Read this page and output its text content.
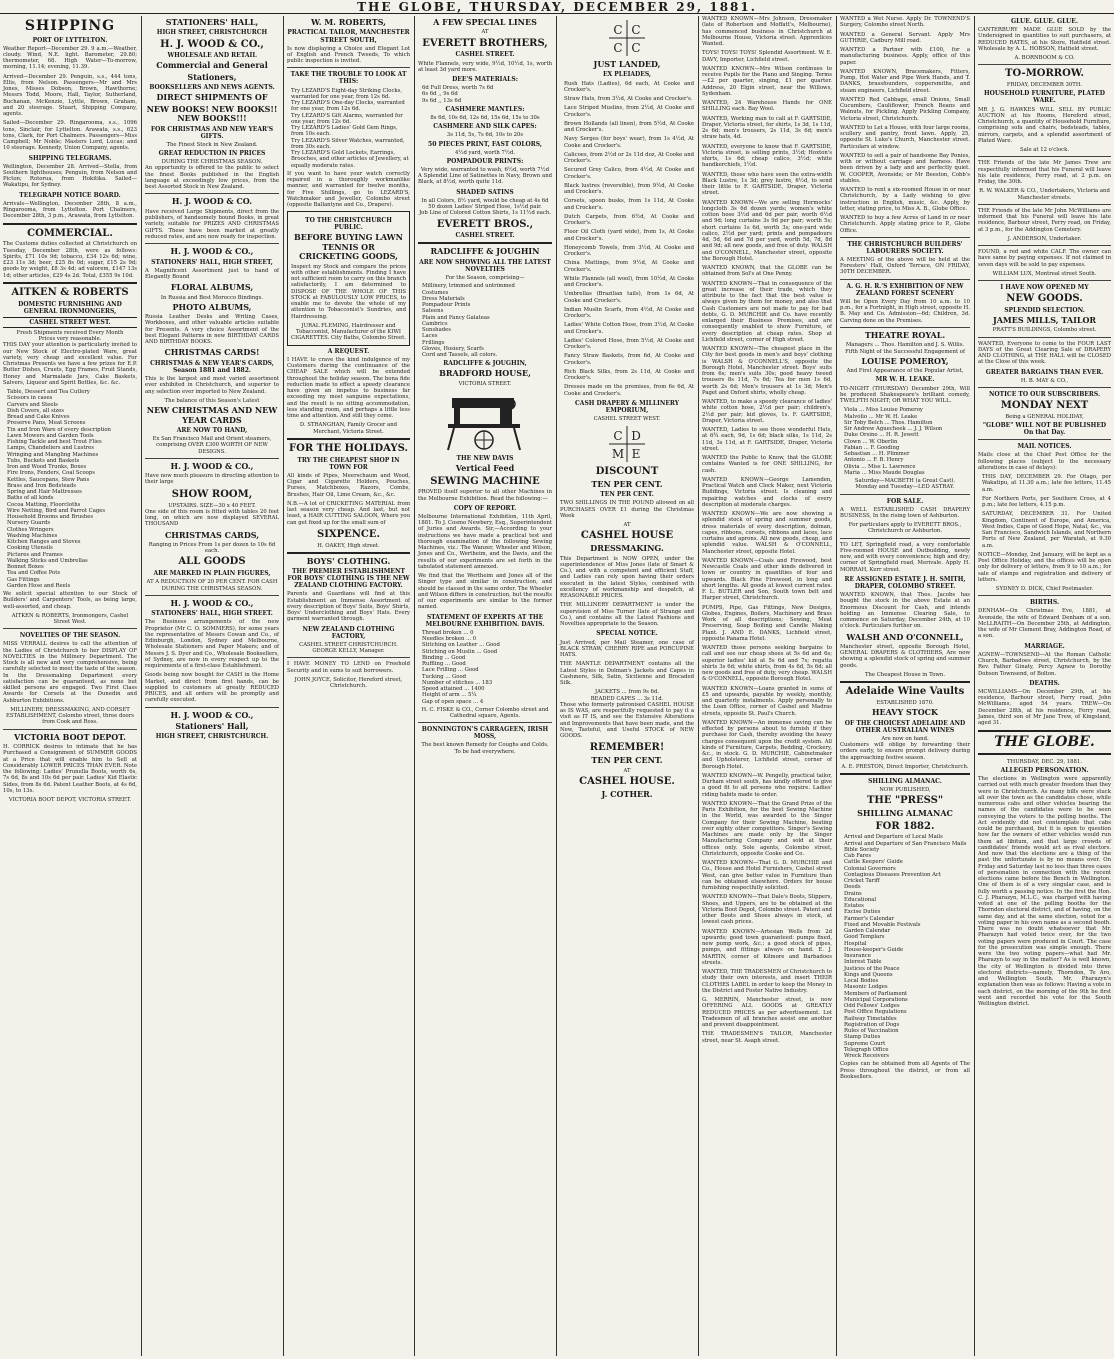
THE GLOBE, THURSDAY, DECEMBER 29, 1881.
SHIPPING
PORT OF LYTTELTON.
Weather Report—December 29. 9 a.m.—Weather, cloudy. Wind, N.E. light. Barometer, 29.80; thermometer, 68. High Water—To-morrow, morning, 11.14; evening, 11.39.
Arrived—December 29. Penguin, s.s., 444 tons, Ellis, from Nelson. Passengers—Mr and Mrs Jones, Misses Dobson, Brown, Hawthorne; Messrs Todd, Moore, Hall, Taylor, Sutherland, Buchanan, McKenzie, Lyttle, Brown, Graham, and 20 steerage. Stuart, Shipping Company, agents.
Sailed—December 29. Ringarooma, s.s., 1096 tons, Sinclair, for Lyttelton. Arawata, s.s., 623 tons, Clark, for Port Chalmers. Passengers—Miss Campbell; Mr Noble; Masters Lord, Lucas; and 10 steerage. Kennedy, Union Company, agents.
SHIPPING TELEGRAMS.
Wellington, December 28. Arrived—Stella, from Southern lighthouses; Penguin, from Nelson and Picton; Rotorua, from Hokitika. Sailed—Wakatipu, for Sydney.
TELEGRAPH NOTICE BOARD.
Arrivals—Wellington, December 28th, 8 a.m., Ringarooma, from Lyttelton. Port Chalmers, December 28th, 3 p.m., Arawata, from Lyttelton.
COMMERCIAL.
The Customs duties collected at Christchurch on Tuesday, December 28th, were as follows: Spirits, £71 10s 9d; tobacco, £34 12s 6d; wine, £23 11s 3d; beer, £25 8s 0d; sugar, £15 2s 9d; goods by weight, £8 3s 4d; ad valorem, £147 13s 1d; other articles, £29 4s 2d. Total, £355 9s 10d.
AITKEN & ROBERTS
DOMESTIC FURNISHING AND GENERAL IRONMONGERS,
CASHEL STREET WEST.
Fresh Shipments received Every Month
Prices very reasonable.
THIS DAY your attention is particularly invited to our New Stock of Electro-plated Ware, great variety, very cheap and excellent value. For Christmas Presents we have a few prizes for E.P. Butter Dishes, Cruets, Egg Frames, Fruit Stands, Honey and Marmalade Jars, Cake Baskets, Salvers, Liqueur and Spirit Bottles, &c. &c.
Table, Dessert and Tea Cutlery
Scissors in cases
Carvers and Steels
Dish Covers, all sizes
Bread and Cake Knives
Preserve Pans, Meat Screens
Tin and Iron Ware of every description
Lawn Mowers and Garden Tools
Fishing Tackle and best Trout Flies
Lamps, Chandeliers and Lustres
Wringing and Mangling Machines
Tubs, Buckets and Baskets
Iron and Wood Trunks, Boxes
Fire Irons, Fenders, Coal Scoops
Kettles, Saucepans, Stew Pans
Brass and Iron Bedsteads
Spring and Hair Mattresses
Baths of all kinds
Cocoa Matting, Floorcloths
Wire Netting, Bird and Parrot Cages
Household Brooms and Brushes
Nursery Guards
Clothes Wringers
Washing Machines
Kitchen Ranges and Stoves
Cooking Utensils
Pictures and Frames
Walking Sticks and Umbrellas
Bonnet Boxes
Tea and Coffee Pots
Gas Fittings
Garden Hose and Reels
We solicit special attention to our Stock of Builders' and Carpenters' Tools, as being large, well-assorted, and cheap.
AITKEN & ROBERTS, Ironmongers, Cashel Street West.
NOVELTIES OF THE SEASON.
MISS VERRALL desires to call the attention of the Ladies of Christchurch to her DISPLAY OF NOVELTIES in the Millinery Department. The Stock is all new and very comprehensive, being carefully selected to meet the taste of the season. In the Dressmaking Department every satisfaction can be guaranteed, as none but skilled persons are engaged. Two First Class Awards for Corsets at the Dunedin and Ashburton Exhibitions.
MILLINERY, DRESSMAKING, AND CORSET ESTABLISHMENT, Colombo street, three doors from Cook and Ross.
VICTORIA BOOT DEPOT.
H. CORRICK desires to intimate that he has Purchased a Consignment of SUMMER GOODS at a Price that will enable him to Sell at Considerably LOWER PRICES THAN EVER. Note the following: Ladies' Prunella Boots, worth 6s, 7s 6d, 8s and 10s 6d per pair. Ladies' Kid Elastic Sides, from 8s 6d. Patent Leather Boots, at 4s 6d, 10s, to 13s.
VICTORIA BOOT DEPOT, VICTORIA STREET.
STATIONERS' HALL,
HIGH STREET, CHRISTCHURCH
H. J. WOOD & CO.,
WHOLESALE AND RETAIL
Commercial and General
Stationers,
BOOKSELLERS AND NEWS AGENTS.
DIRECT SHIPMENTS OF
NEW BOOKS! NEW BOOKS!! NEW BOOKS!!!
FOR CHRISTMAS AND NEW YEAR'S GIFTS.
The Finest Stock in New Zealand.
GREAT REDUCTION IN PRICES
DURING THE CHRISTMAS SEASON.
An opportunity is offered to the public to select the finest Books published in the English language at exceedingly low prices, from the best Assorted Stock in New Zealand.
H. J. WOOD & CO.
Have received Large Shipments, direct from the publishers, of handsomely bound Books, in great variety, suitable for PRIZES AND CHRISTMAS GIFTS. These have been marked at greatly reduced rates, and are now ready for inspection.
H. J. WOOD & CO.,
STATIONERS' HALL, HIGH STREET,
A Magnificent Assortment just to hand of Elegantly Bound
FLORAL ALBUMS,
In Russia and Best Morocco Bindings.
PHOTO ALBUMS,
Russia Leather Desks and Writing Cases, Workboxes, and other valuable articles suitable for Presents. A very choice Assortment of the best Elegant Patterns in new BIRTHDAY CARDS AND BIRTHDAY BOOKS.
CHRISTMAS CARDS!
CHRISTMAS & NEW YEAR'S CARDS, Season 1881 and 1882.
This is the largest and most varied assortment ever exhibited in Christchurch, and superior to any selection ever imported to New Zealand.
The balance of this Season's Latest
NEW CHRISTMAS AND NEW YEAR CARDS
ARE NOW TO HAND,
Ex San Francisco Mail and Orient steamers, comprising OVER £300 WORTH OF NEW DESIGNS.
H. J. WOOD & CO.,
Have now much pleasure in directing attention to their large
SHOW ROOM,
UPSTAIRS. SIZE—30 x 40 FEET.
One side of this room is fitted with tables 20 feet long, on which are now displayed SEVERAL THOUSAND
CHRISTMAS CARDS,
Ranging in Prices From 1s per dozen to 10s 6d each.
ALL GOODS
ARE MARKED IN PLAIN FIGURES,
AT A REDUCTION OF 20 PER CENT. FOR CASH DURING THE CHRISTMAS SEASON.
H. J. WOOD & CO.,
STATIONERS' HALL, HIGH STREET.
The Business arrangements of the new Proprietor (Mr C. O. SOMMERS), for some years the representative of Messrs Cowan and Co., of Edinburgh, London, Sydney and Melbourne, Wholesale Stationers and Paper Makers; and of Messrs J. S. Dyer and Co., Wholesale Booksellers, of Sydney, are now in every respect up to the requirements of a first-class Establishment.
Goods being now bought for CASH in the Home Market, and direct from first hands, can be supplied to customers at greatly REDUCED PRICES, and all orders will be promptly and carefully executed.
H. J. WOOD & CO.,
Stationers' Hall,
HIGH STREET, CHRISTCHURCH.
W. M. ROBERTS,
PRACTICAL TAILOR, MANCHESTER STREET SOUTH,
Is now displaying a Choice and Elegant Lot of English and French Tweeds, To which public inspection is invited.
TAKE THE TROUBLE TO LOOK AT THIS:
Try LEZARD'S Eight-day Striking Clocks, warranted for one year, from 12s 6d.
Try LEZARD'S One-day Clocks, warranted for one year, from 12s 6d.
Try LEZARD'S Gilt Alarms, warranted for one year, from 12s 6d.
Try LEZARD'S Ladies' Gold Gem Rings, from 10s each.
Try LEZARD'S Silver Watches, warranted, from 30s each.
Try LEZARD'S Gold Lockets, Earrings, Brooches, and other articles of Jewellery, at equally moderate rates.
If you want to have your watch correctly repaired in a thoroughly workmanlike manner, and warranted for twelve months, for Five Shillings, go to LEZARD'S, Watchmaker and Jeweller, Colombo street (opposite Ballantyne and Co., Drapers).
TO THE CHRISTCHURCH PUBLIC.
BEFORE BUYING LAWN TENNIS OR CRICKETING GOODS,
Inspect my Stock and compare the prices with other establishments. Finding I have not sufficient room to carry on this branch satisfactorily, I am determined to DISPOSE OF THE WHOLE OF THIS STOCK at FABULOUSLY LOW PRICES, to enable me to devote the whole of my attention to Tobacconist's Sundries, and Hairdressing.
JURAL FLEMING, Hairdresser and Tobacconist, Manufacturer of the KIWI CIGARETTES. City Baths, Colombo Street.
A REQUEST.
I HAVE to crave the kind indulgence of my Customers during the continuance of the CHEAP SALE which will be extended throughout the holiday season. The bona fide reduction made to effect a speedy clearance have given an impetus to business far exceeding my most sanguine expectations, and the result is no sitting accommodation, less standing room, and perhaps a little less time and attention. And still they come.
D. STRANGHAN, Family Grocer and Merchant, Victoria Street.
FOR THE HOLIDAYS.
TRY THE CHEAPEST SHOP IN TOWN FOR
All kinds of Pipes, Meerschaum and Wood, Cigar and Cigarette Holders, Pouches, Purses, Matchboxes, Razors, Combs, Brushes, Hair Oil, Lime Cream, &c., &c.
N.B.—A lot of CRICKETING MATERIAL from last season very cheap. And last, but not least, a HAIR CUTTING SALOON, Where you can get fixed up for the small sum of
SIXPENCE.
H. OAKEY, High street.
BOYS' CLOTHING.
THE PREMIER ESTABLISHMENT FOR BOYS' CLOTHING IS THE NEW ZEALAND CLOTHING FACTORY.
Parents and Guardians will find at this Establishment an Immense Assortment of every description of Boys' Suits, Boys' Shirts, Boys' Underclothing and Boys' Hats. Every garment warranted through.
NEW ZEALAND CLOTHING FACTORY,
CASHEL STREET CHRISTCHURCH.
GEORGE KELLY, Manager.
I HAVE MONEY TO LEND on Freehold Security and in sums to suit borrowers.
JOHN JOYCE, Solicitor, Hereford street, Christchurch.
A FEW SPECIAL LINES
AT
EVERETT BROTHERS,
CASHEL STREET.
White Flannels, very wide, 9½d, 10½d, 1s, worth at least 3d yard more.
DEE'S MATERIALS:
6d Full Dress, worth 7s 6d
6s 6d ,, 9s 6d
9s 6d ,, 13s 6d
CASHMERE MANTLES:
8s 6d, 10s 6d, 12s 6d, 15s 6d, 15s to 30s
CASHMERE AND SILK CAPES:
3s 11d, 5s, 7s 6d, 10s to 20s
50 PIECES PRINT, FAST COLORS,
4½d yard, worth 7½d.
POMPADOUR PRINTS:
Very wide, warranted to wash, 6½d, worth 7½d
A Splendid Line of Satinettes in Navy, Brown and Black, at 8½d, worth quite 11d.
SHADED SATINS
In all Colors, 8½ yard, would be cheap at 4s 6d
50 dozen Ladies' Striped Hose, 1s½d pair.
Job Line of Colored Cotton Shirts, 1s 11½d each.
EVERETT BROS.,
CASHEL STREET.
RADCLIFFE & JOUGHIN
ARE NOW SHOWING ALL THE LATEST NOVELTIES
For the Season, comprising—
Millinery, trimmed and untrimmed
Costumes
Dress Materials
Pompadour Prints
Sateens
Plain and Fancy Galateas
Cambrics
Sunshades
Laces
Frillings
Gloves, Hosiery, Scarfs
Cord and Tassels, all colors.
RADCLIFFE & JOUGHIN,
BRADFORD HOUSE,
VICTORIA STREET.
THE NEW DAVIS
Vertical Feed
SEWING MACHINE
PROVED itself superior to all other Machines in the Melbourne Exhibition. Read the following:—
COPY OF REPORT.
Melbourne International Exhibition, 11th April, 1881. To J. Cosmo Newbery, Esq., Superintendent of Juries and Awards. Sir,—According to your instructions we have made a practical test and thorough examination of the following Sewing Machines, viz.: The Wanzer, Wheeler and Wilson, Jones and Co., Wertheim, and the Davis, and the results of our experiments are set forth in the tabulated statement annexed.
We find that the Wertheim and Jones all of the Singer type and similar in construction, and should be classed in the same order. The Wheeler and Wilson differs in construction, but the results of our experiments are similar to the former named.
STATEMENT OF EXPERTS AT THE MELBOURNE EXHIBITION. DAVIS.
Thread broken ... 0
Needles broken ... 0
Stitching on Leather ... Good
Stitching on Muslin ... Good
Binding ... Good
Ruffling ... Good
Lace Frilling ... Good
Tucking ... Good
Number of stitches ... 183
Speed attained ... 1400
Height of arm ... 5¼
Gap of open space ... 4
H. C. FISKE & CO., Corner Colombo street and Cathedral square, Agents.
BONNINGTON'S CARRAGEEN, IRISH MOSS,
The best known Remedy for Coughs and Colds. To be had everywhere.
C C
C C
JUST LANDED,
EX PLEIADES,
Rush Hats (Ladies), 6d each, At Cooke and Crocker's.
Straw Hats, from 3½d, At Cooke and Crocker's.
Lace Striped Muslins, from 2½d, At Cooke and Crocker's.
Brown Hollands (all linen), from 5½d, At Cooke and Crocker's.
Navy Serges (for boys' wear), from 1s 4½d, At Cooke and Crocker's.
Calicoes, from 2½d or 2s 11d doz, At Cooke and Crocker's.
Secured Grey Calico, from 4½d, At Cooke and Crocker's.
Black lustres (reversible), from 9½d, At Cooke and Crocker's.
Corsets, spoon busks, from 1s 11d, At Cooke and Crocker's.
Dutch Carpets, from 6½d, At Cooke and Crocker's.
Floor Oil Cloth (yard wide), from 1s, At Cooke and Crocker's.
Honeycomb Towels, from 3½d, At Cooke and Crocker's.
China Mattings, from 9½d, At Cooke and Crocker's.
White Flannels (all wool), from 10½d, At Cooke and Crocker's.
Umbrellas (Brazilian tails), from 1s 6d, At Cooke and Crocker's.
Indian Muslin Scarfs, from 4½d, At Cooke and Crocker's.
Ladies' White Cotton Hose, from 3½d, At Cooke and Crocker's.
Ladies' Colored Hose, from 5½d, At Cooke and Crocker's.
Fancy Straw Baskets, from 6d, At Cooke and Crocker's.
Rich Black Silks, from 2s 11d, At Cooke and Crocker's.
Dresses made on the premises, from 6s 6d, At Cooke and Crocker's.
CASH DRAPERY & MILLINERY EMPORIUM,
CASHEL STREET WEST.
C D
M E
DISCOUNT
TEN PER CENT.
TEN PER CENT.
TWO SHILLINGS IN THE POUND allowed on all PURCHASES OVER £1 during the Christmas Week
AT
CASHEL HOUSE
DRESSMAKING.
This Department is NOW OPEN, under the superintendence of Miss Jones (late of Smart & Co.), and with a competent and efficient Staff, and Ladies can rely upon having their orders executed in the latest Styles, combined with excellency of workmanship and despatch, at REASONABLE PRICES.
THE MILLINERY DEPARTMENT is under the supervision of Miss Turner (late of Strange and Co.), and contains all the Latest Fashions and Novelties appropriate to the Season.
SPECIAL NOTICE.
Just Arrived, per Mail Steamer, one case of BLACK STRAW, CHERRY RIPE and PORCUPINE HATS.
THE MANTLE DEPARTMENT contains all the Latest Styles in Dolman's Jackets and Capes in Cashmere, Silk, Satin, Sicilienne and Brocaded Silk.
JACKETS ... from 9s 6d.
BEADED CAPES ... 3s 11d.
Those who formerly patronised CASHEL HOUSE as IS WAS, are respectfully requested to pay it a visit as IT IS, and see the Extensive Alterations and Improvements that have been made, and the New, Tasteful, and Useful STOCK of NEW GOODS.
REMEMBER!
TEN PER CENT.
AT
CASHEL HOUSE.
J. COTHER.
WANTED KNOWN—Mrs Johnson, Dressmaker (late of Robertson and Moffatt's, Melbourne), has commenced business in Christchurch at Melbourne House, Victoria street. Apprentices Wanted.
TOYS! TOYS! TOYS! Splendid Assortment. W. E. DAVY, Importer, Lichfield street.
WANTED KNOWN—Mrs Wilson continues to receive Pupils for the Piano and Singing. Terms—£2 per quarter, singing, £1 per quarter. Address, 20 Elgin street, near the Willows, Sydenham.
WANTED, 24 Warehouse Hands for ONE SHILLING each. Bay Wool.
WANTED, Working man to call at F. GARTSIDE, Draper, Victoria street, for shirts, 1s 3d, 1s 11d, 2s 6d; men's trousers, 2s 11d, 3s 6d; men's straw hats, 4d.
WANTED, everyone to know that F. GARTSIDE, Victoria street, is selling prints, 3½d; Hoxton's shirts, 1s 6d; cheap calico, 3½d; white handkerchiefs, 1½d.
WANTED, those who have seen the extra-width Black Lustre, 1s 3d; grey lustre, 6½d, to send their little to F. GARTSIDE, Draper, Victoria street.
WANTED KNOWN—We are selling Hermocks' longcloth 3s 6d dozen yards; women's white cotton hose 3½d and 6d per pair, worth 6½d and 9d; long curtains 3s 9d per pair; worth 5s; short curtains 1s 6d, worth 3s; one-yard wide calico, 2½d per yard; prints and pompadours 4d, 5d, 6d and 7d per yard, worth 5d, 7d, 8d and 9d; all new goods, and free of duty. WALSH and O'CONNELL, Manchester street, opposite the Borough Hotel.
WANTED KNOWN, that the GLOBE can be obtained from Sol's at One Penny.
WANTED KNOWN—That in consequence of the great increase of their trade, which they attribute to the fact that the best value is always given by them for money, and also that Cash Customers are not made to pay for bad debts, G. D. MURCHIE and Co. have recently enlarged their Business Premises, and are consequently enabled to show Furniture, of every description at cheap rates. Shop at Lichfield street, corner of High street.
WANTED KNOWN—The cheapest place in the City for best goods in men's and boys' clothing is WALSH & O'CONNELL'S, opposite the Borough Hotel, Manchester street. Boys' suits from 6s; men's suits 30s; good heavy tweed trousers 8s 11d, 7s 6d; Tea for men 1s 6d, worth 2s 6d; Men's trousers at 1s 3d; Men's Paget and Oxford shirts, wholly cheap.
WANTED, to make a speedy clearance of ladies' white cotton hose, 2½d per pair; children's, 2½d per pair; kid gloves, 1s. F. GARTSIDE, Draper, Victoria street.
WANTED, Ladies to see those wonderful Hats, at 6¾ each, 9d, 1s 6d; black silks, 1s 11d, 2s 11d, 3s 11d, at F. GARTSIDE, Draper, Victoria street.
WANTED the Public to Know, that the GLOBE contains Wanted is for ONE SHILLING, for cash.
WANTED KNOWN—George Lamenden, Practical Watch and Clock Maker, next Victoria Buildings, Victoria street. Is cleaning and repairing watches and clocks of every description at moderate charges.
WANTED KNOWN—We are now showing a splendid stock of spring and summer goods, dress materials of every description, dolman, capes, ribbons, corsets, ribbons and laces, lace curtains and aprons. All new goods, cheap, and splendid value. WALSH & O'CONNELL, Manchester street, opposite Hotel.
WANTED KNOWN—Coals and Firewood, best Newcastle Coals and other kinds delivered in town or country in quantities of four and upwards. Black Pine Firewood, in long and short lengths. All goods at lowest current rates. F. L. BUTLER and Son, South town belt and Harper street, Christchurch.
PUMPS, Pipe, Gas Fittings, New Designs, Globes, Engines, Boilers, Machinery and Brass Work of all descriptions; Sewing, Meat Preserving, Soap Boiling and Candle Making Plant. J. AND E. DANKS, Lichfield street, opposite Panama Hotel.
WANTED those persons seeking bargains to call and see our cheap shoes at 5s 6d and 6s; superior ladies' kid at 5s 6d and 7s; regatta shirts 3s 6d; white shirts, from 4s 6d, 5s 6d; all new goods and free of duty, very cheap. WALSH & O'CONNELL, opposite Borough Hotel.
WANTED KNOWN—Loans granted in sums of £5 and upwards, payable by weekly, monthly, and quarterly instalments. Apply personally to the Loan Office, corner of Cashel and Madras streets, opposite St. Paul's Church.
WANTED KNOWN—An immense saving can be effected by persons about to furnish if they purchase for Cash, thereby avoiding the heavy charges consequent upon the credit system. All kinds of Furniture, Carpets, Bedding, Crockery, &c., in stock. G. D. MURCHIE, Cabinetmaker and Upholsterer, Lichfield street, corner of Borough Hotel.
WANTED KNOWN—W. Pengelly, practical tailor, Durham street south, has kindly offered to give a good fit to all persons who require. Ladies' riding habits made to order.
WANTED KNOWN—That the Grand Prize of the Paris Exhibition, for the best Sewing Machine in the World, was awarded to the Singer Company for their Sewing Machine, beating over eighty other competitors. Singer's Sewing Machines are made only by the Singer Manufacturing Company and sold at their offices only. Sole agents, Colombo street, Christchurch, opposite Cooke and Co.
WANTED KNOWN—That G. D. MURCHIE and Co., House and Hotel Furnishers, Cashel street West, can give better value in Furniture than can be obtained elsewhere. Orders for house furnishing respectfully solicited.
WANTED KNOWN—That Dale's Boots, Slippers, Shoes, and Uppers, are to be obtained at the Victoria Boot Depot, Colombo street. Patent and other Boots and Shoes always in stock, at lowest cash prices.
WANTED KNOWN—Artesian Wells from 2d upwards; good town guaranteed: pumps fixed, new pump work, &c.; a good stock of pipes, pumps, and fittings always on hand. E. J. MARTIN, corner of Kilmore and Barbadoes streets.
WANTED, THE TRADESMEN of Christchurch to study their own interests, and insert THEIR CLOTHES LABEL in order to keep the Money in the District and Foster Native Industry.
G. MERRIN, Manchester street, is now OFFERING ALL GOODS at GREATLY REDUCED PRICES as per advertisement. Lot Tradesmen of all branches assist one another and prevent disappointment.
THE TRADESMEN'S TAILOR, Manchester street, near St. Asaph street.
WANTED a Wet Nurse. Apply Dr. TOWNEND'S Surgery, Colombo street North.
WANTED a General Servant. Apply Mrs GUTHRIE, Cadbury Mill road.
WANTED a Partner with £100, for a manufacturing business. Apply, office of this paper.
WANTED KNOWN, Bracemakers, Fitters, Pump, Hot Water and Pipe Work Hands, and T. DANKS, brassfounders, coppersmiths, and steam engineers, Lichfield street.
WANTED Red Cabbage, small Onions, Small Cucumbers, Cauliflower, French Beans and Walnuts, for Pickling. Apply Pickling Company, Victoria street, Christchurch.
WANTED to Let a House, with four large rooms, scullery and pantry, front lawn. Apply, 25, opposite St. Luke's Church, Manchester street. Particulars at window.
WANTED to sell a pair of handsome Bay Ponies, with or without carriage and harness. Have been driven by a lady and are perfectly quiet. W. COOPER, Avonside; or Mr Beeston, Cobb's stables.
WANTED to rent a six-roomed House in or near Christchurch, by a Lady wishing to give instruction in English, music, &c. Apply, by letter, stating price, to Miss A. B., Globe Office.
WANTED to buy a few Acres of Land in or near Christchurch. Apply stating price to P., Globe Office.
THE CHRISTCHURCH BUILDERS' LABOURERS SOCIETY.
A MEETING of the above will be held at the Foresters' Hall, Oxford Terrace, ON FRIDAY, 30TH DECEMBER.
A. G. H. R.'S EXHIBITION OF NEW ZEALAND FOREST SCENERY
Will be Open Every Day from 10 a.m. to 10 p.m., for a Fortnight, in High street, opposite H. B. May and Co. Admission—6d; Children, 3d. Carving done on the Premises.
THEATRE ROYAL.
Managers ... Thos. Hamilton and J. S. Willis.
Fifth Night of the Successful Engagement of
LOUISE POMEROY,
And First Appearance of the Popular Artist,
MR W. H. LEAKE.
TO-NIGHT (THURSDAY) December 29th, Will be produced Shakespeare's brilliant comedy, TWELFTH NIGHT; OR WHAT YOU WILL.
Viola ... Miss Louise Pomeroy
Malvolio ... Mr W. H. Leake
Sir Toby Belch ... Thos. Hamilton
Sir Andrew Aguecheek ... J. J. Wilson
Duke Orsino ... H. R. Jewett
Clown ... W. Oberlin
Fabian ... F. Gooding
Sebastian ... H. Plimmer
Antonio ... F. B. Henry
Olivia ... Miss L. Lawrence
Maria ... Miss Maude Douglas
Saturday—MACBETH (a Great Cast).
Monday and Tuesday—LED ASTRAY.
FOR SALE.
A WELL ESTABLISHED CASH DRAPERY BUSINESS, In the rising town of Ashburton.
For particulars apply to EVERETT BROS., Christchurch or Ashburton.
TO LET, Springfield road, a very comfortable Five-roomed HOUSE and Outbuilding, newly new, and with every convenience; high and dry; corner of Springfield road, Merivale. Apply H. MORRAH, Kerr street.
RE ASSIGNED ESTATE J. H. SMITH, DRAPER, COLOMBO STREET.
WANTED KNOWN, that Thos. Jacobs has bought the stock in the above Estate at an Enormous Discount for Cash, and intends holding an Immense Clearing Sale, to commence on Saturday, December 24th, at 10 o'clock. Particulars further on.
WALSH AND O'CONNELL,
Manchester street, opposite Borough Hotel, GENERAL DRAPERS & CLOTHIERS, Are now showing a splendid stock of spring and summer goods.
The Cheapest House in Town.
Adelaide Wine Vaults
ESTABLISHED 1870.
HEAVY STOCK
OF THE CHOICEST ADELAIDE AND OTHER AUSTRALIAN WINES
Are now on hand.
Customers will oblige by forwarding their orders early, to ensure prompt delivery during the approaching festive season.
A. E. PRESTON, Direct Importer, Christchurch.
SHILLING ALMANAC.
NOW PUBLISHED,
THE "PRESS"
SHILLING ALMANAC
FOR 1882.
Arrival and Departure of Local Mails
Arrival and Departure of San Francisco Mails
Bible Society
Cab Fares
Cattle Keepers' Guide
Colonial Governors
Contagious Diseases Prevention Act
Cricket Tariff
Deeds
Drains
Educational
Estates
Excise Duties
Farmer's Calendar
Fixed and Movable Festivals
Garden Calendar
Good Templars
Hospital
House-keeper's Guide
Insurance
Interest Table
Justices of the Peace
Kings and Queens
Local Bodies
Masonic Lodges
Members of Parliament
Municipal Corporations
Odd Fellows' Lodges
Post Office Regulations
Railway Timetables
Registration of Dogs
Rules of Vaccination
Stamp Duties
Supreme Court
Telegraph Office
Wreck Receivers
Copies can be obtained from all Agents of The Press throughout the district, or from all Booksellers.
GLUE. GLUE. GLUE.
CANTERBURY MADE GLUE SOLD by the Undersigned in quantities to suit purchasers, at REDUCED RATES, at his Store, Hatfield street. Wholesale by A. L. HOBSON, Hatfield street.
A. BORNBOOM & CO.
TO-MORROW.
FRIDAY, DECEMBER 30TH.
HOUSEHOLD FURNITURE, PLATED WARE.
MR J. G. HAWKES WILL SELL BY PUBLIC AUCTION at his Rooms, Hereford street, Christchurch, a quantity of Household Furniture, comprising sofa and chairs, bedsteads, tables, mirrors, carpets, and a splendid assortment of Plated Ware.
Sale at 12 o'clock.
THE Friends of the late Mr James Trew are respectfully informed that his Funeral will leave his late residence, Ferry road, at 2 p.m. on Friday, the 30th.
R. W. WALKER & CO., Undertakers, Victoria and Manchester streets.
THE Friends of the late Mr John McWilliams are informed that his Funeral will leave his late residence, Barbour street, Ferry road, on Friday, at 3 p.m., for the Addington Cemetery.
J. ANDERSON, Undertaker.
FOUND, a red and white CALF. The owner can have same by paying expenses. If not claimed in seven days will be sold to pay expenses.
WILLIAM LUX, Montreal street South.
I HAVE NOW OPENED MY
NEW GOODS.
SPLENDID SELECTION.
JAMES MILLS, TAILOR
PRATT'S BUILDINGS, Colombo street.
WANTED, Everyone to come to the FOUR LAST DAYS of the Great Clearing Sale of DRAPERY AND CLOTHING, at THE HALL will be CLOSED at the Close of this week.
GREATER BARGAINS THAN EVER.
H. B. MAY & CO.,
NOTICE TO OUR SUBSCRIBERS.
MONDAY NEXT
Being a GENERAL HOLIDAY,
"GLOBE" WILL NOT BE PUBLISHED On that Day.
MAIL NOTICES.
Mails close at the Chief Post Office for the following places (subject to the necessary alterations in case of delays):
THIS DAY, DECEMBER 29. For Otago, per Wakatipu, at 11.30 a.m.; late fee letters, 11.45 a.m.
For Northern Ports, per Southern Cross, at 4 p.m.; late fee letters, 4.15 p.m.
SATURDAY, DECEMBER 31. For United Kingdom, Continent of Europe, and America, West Indies, Cape of Good Hope, Natal, &c., via San Francisco, Sandwich Islands, and Northern Ports of New Zealand, per Waratah, at 9.30 a.m.
NOTICE—Monday, 2nd January, will be kept as a Post Office Holiday, and the offices will be open only for delivery of letters, from 9 to 10 a.m.; for sale of stamps and registration and delivery of letters.
SYDNEY D. DICK, Chief Postmaster.
BIRTHS.
DENHAM—On Christmas Eve, 1881, at Avonside, the wife of Edward Denham of a son. McLLRAITH—On December 25th, at Addington, the wife of Mr Clement Bray, Addington Road, of a son.
MARRIAGE.
AGNEW—TOWNSEND—At the Roman Catholic Church, Barbadoes street, Christchurch, by the Rev. Father Ginaty, Percy Agnew to Dorothy Dobson Townsend, of Bolton.
DEATHS.
MCWILLIAMS—On December 29th, at his residence, Barbour street, Ferry road, John McWilliams, aged 54 years. TREW—On December 28th, at his residence, Ferry road, James, third son of Mr Jane Trew, of Kingsland, aged 31.
THE GLOBE.
THURSDAY, DEC. 29, 1881.
ALLEGED PERSONATION.
The elections in Wellington were apparently carried out with much greater freedom than they were in Christchurch. As many bills were stuck all over the town as the candidates chose, while numerous cabs and other vehicles bearing the names of the candidates were to be seen conveying the voters to the polling booths. The Act evidently did not contemplate that cabs could be purchased, but it is open to question how far the owners of other vehicles would run them ad libitum, and that large crowds of candidates' friends would act as rival electors. And now that the elections are a thing of the past the unfortunate is by no means over. On Friday and Saturday last no less than three cases of personation in connection with the recent elections came before the Bench in Wellington. One of them is of a very singular case, and is fully worth a passing notice. In the first the Hon. C. J. Pharazyn, M.L.C., was charged with having voted at one of the polling booths for the Thorndon electoral district, and of having, on the same day, and at the same election, voted for a voting paper in his own name as a second booth. There was no doubt whatsoever that Mr. Pharazyn had voted twice over, for the two voting papers were produced in Court. The case for the prosecution was simple enough. There were the two voting papers—what had Mr. Pharazyn to say in the matter? As is well known, the city of Wellington is divided into three electoral districts—namely, Thorndon, Te Aro, and Wellington South. Mr. Pharazyn's explanation then was as follows: Having a vote in each district, on the morning of the 9th he first went and recorded his vote for the South Wellington district.
